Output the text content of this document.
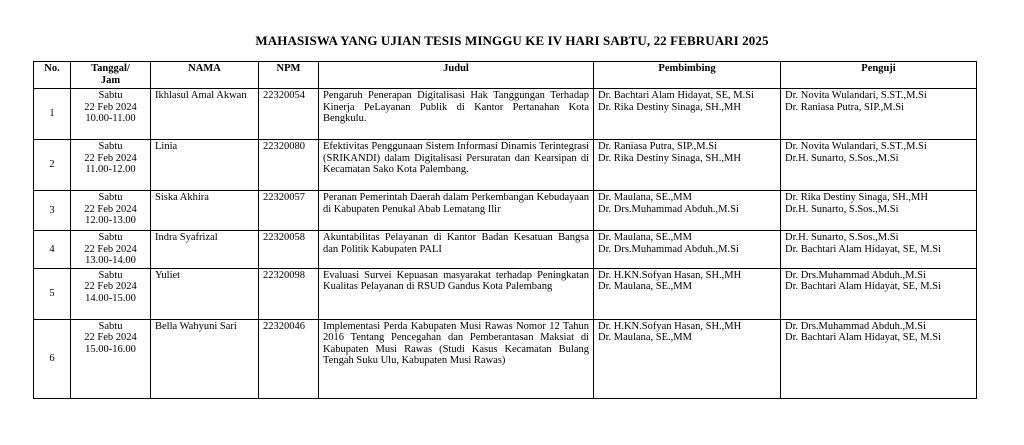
MAHASISWA YANG UJIAN TESIS MINGGU KE IV HARI SABTU, 22 FEBRUARI 2025
No.	Tanggal/
Jam	NAMA	NPM	Judul	Pembimbing	Penguji
1	Sabtu
22 Feb 2024
10.00-11.00	Ikhlasul Amal Akwan	22320054	Pengaruh Penerapan Digitalisasi Hak Tanggungan Terhadap Kinerja PeLayanan Publik di Kantor Pertanahan Kota Bengkulu.	Dr. Bachtari Alam Hidayat, SE, M.Si
Dr. Rika Destiny Sinaga, SH.,MH	Dr. Novita Wulandari, S.ST.,M.Si
Dr. Raniasa Putra, SIP.,M.Si

2	Sabtu
22 Feb 2024
11.00-12.00	Linia	22320080	Efektivitas Penggunaan Sistem Informasi Dinamis Terintegrasi (SRIKANDI) dalam Digitalisasi Persuratan dan Kearsipan di Kecamatan Sako Kota Palembang.	Dr. Raniasa Putra, SIP.,M.Si
Dr. Rika Destiny Sinaga, SH.,MH	Dr. Novita Wulandari, S.ST.,M.Si
Dr.H. Sunarto, S.Sos.,M.Si

3	Sabtu
22 Feb 2024
12.00-13.00	Siska Akhira	22320057	Peranan Pemerintah Daerah dalam Perkembangan Kebudayaan di Kabupaten Penukal Abab Lematang Ilir	Dr. Maulana, SE.,MM
Dr. Drs.Muhammad Abduh.,M.Si	Dr. Rika Destiny Sinaga, SH.,MH
Dr.H. Sunarto, S.Sos.,M.Si

4	Sabtu
22 Feb 2024
13.00-14.00	Indra Syafrizal	22320058	Akuntabilitas Pelayanan di Kantor Badan Kesatuan Bangsa dan Politik Kabupaten PALI	Dr. Maulana, SE.,MM
Dr. Drs.Muhammad Abduh.,M.Si	Dr.H. Sunarto, S.Sos.,M.Si
Dr. Bachtari Alam Hidayat, SE, M.Si

5	Sabtu
22 Feb 2024
14.00-15.00	Yuliet	22320098	Evaluasi Survei Kepuasan masyarakat terhadap Peningkatan Kualitas Pelayanan di RSUD Gandus Kota Palembang	Dr. H.KN.Sofyan Hasan, SH.,MH
Dr. Maulana, SE.,MM	Dr. Drs.Muhammad Abduh.,M.Si
Dr. Bachtari Alam Hidayat, SE, M.Si

6	Sabtu
22 Feb 2024
15.00-16.00	Bella Wahyuni Sari	22320046	Implementasi Perda Kabupaten Musi Rawas Nomor 12 Tahun 2016 Tentang Pencegahan dan Pemberantasan Maksiat di Kabupaten Musi Rawas (Studi Kasus Kecamatan Bulang Tengah Suku Ulu, Kabupaten Musi Rawas)	Dr. H.KN.Sofyan Hasan, SH.,MH
Dr. Maulana, SE.,MM	Dr. Drs.Muhammad Abduh.,M.Si
Dr. Bachtari Alam Hidayat, SE, M.Si
